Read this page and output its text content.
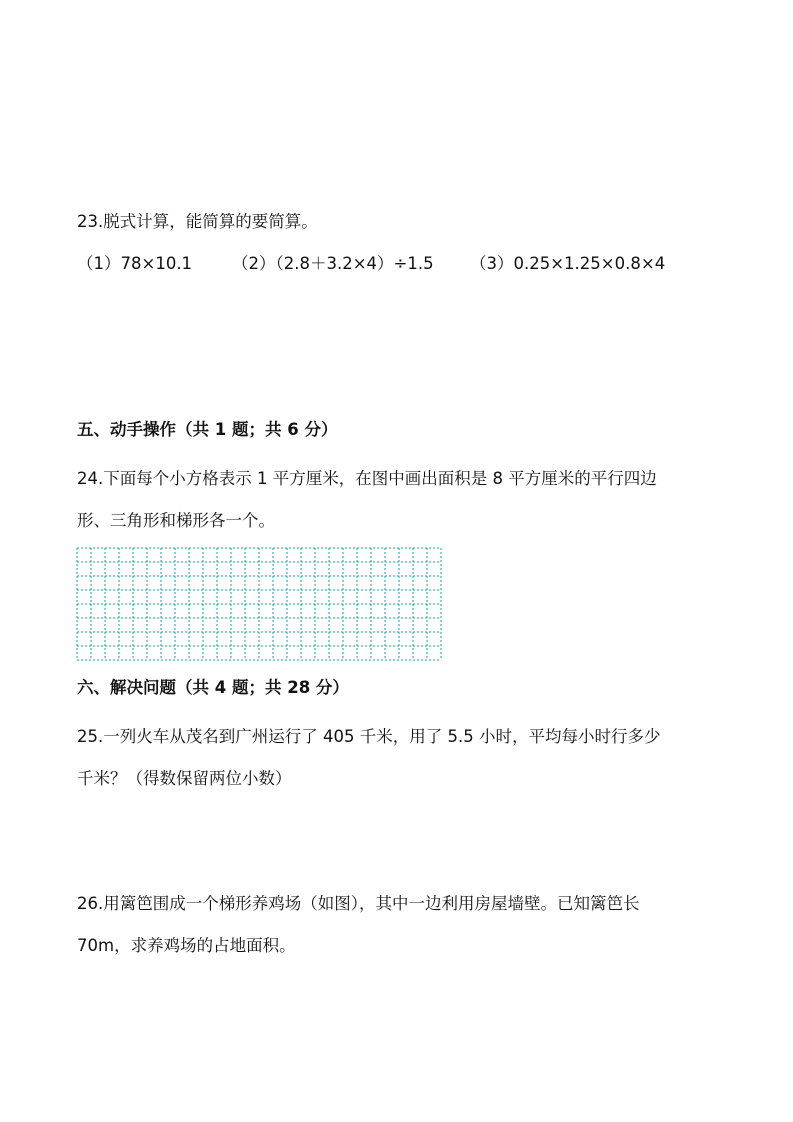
23.脱式计算，能简算的要简算。
（1）78×10.1 （2）（2.8＋3.2×4）÷1.5 （3）0.25×1.25×0.8×4
五、动手操作（共 1 题；共 6 分）
24.下面每个小方格表示 1 平方厘米，在图中画出面积是 8 平方厘米的平行四边
形、三角形和梯形各一个。
六、解决问题（共 4 题；共 28 分）
25.一列火车从茂名到广州运行了 405 千米，用了 5.5 小时，平均每小时行多少
千米？（得数保留两位小数）
26.用篱笆围成一个梯形养鸡场（如图），其中一边利用房屋墙壁。已知篱笆长
70m，求养鸡场的占地面积。
